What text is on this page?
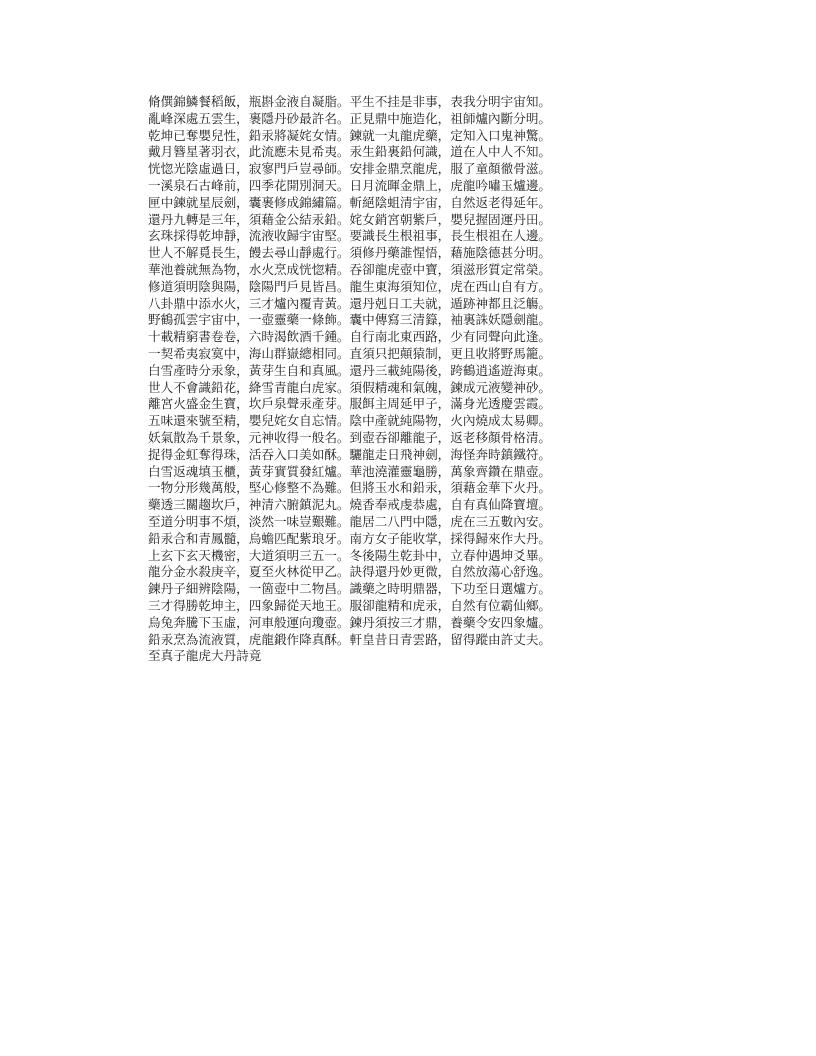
脩僎錦鱗餐稻飯，瓶斟金液自凝脂。平生不挂是非事，表我分明宇宙知。
亂峰深處五雲生，裹隱丹砂最許名。正見鼎中施造化，祖師爐內斷分明。
乾坤已奪嬰兒性，鉛汞將凝姹女情。鍊就一丸龍虎藥，定知入口鬼神驚。
戴月簪星著羽衣，此流應未見希夷。汞生鉛裏鉛何識，道在人中人不知。
恍惚光陰虛過日，寂寥門戶豈尋師。安排金鼎烹龍虎，服了童顏徹骨滋。
一溪泉石古峰前，四季花開別洞天。日月流暉金鼎上，虎龍吟嘯玉爐邊。
匣中鍊就星辰劍，囊裹修成錦繡篇。斬絕陰蛆清宇宙，自然返老得延年。
還丹九轉是三年，須藉金公結汞鉛。姹女銷宮朝紫戶，嬰兒握固運丹田。
玄珠採得乾坤靜，流液收歸宇宙堅。要識長生根祖事，長生根祖在人邊。
世人不解覓長生，饅去尋山靜處行。須修丹藥誰惺悟，藉施陰德甚分明。
華池養就無為物，水火烹成恍惚精。吞卻龍虎壺中寶，須滋形質定常榮。
修道須明陰與陽，陰陽門戶見皆昌。龍生東海須知位，虎在西山自有方。
八卦鼎中添水火，三才爐內覆青黃。還丹剋日工夫就，遁跡神都且泛觴。
野鶴孤雲宇宙中，一壺靈藥一條飾。囊中傳寫三清籙，袖裏誅妖隱劍龍。
十載精窮書卷卷，六時渴飲酒千鍾。自行南北東西路，少有同聲向此逢。
一契希夷寂寞中，海山群嶽總相同。直須只把顛猿制，更且收將野馬籠。
白雪產時分汞象，黃芽生自和真風。還丹三載純陽後，跨鶴逍遙遊海東。
世人不會識鉛花，絳雪青龍白虎家。須假精魂和氣魄，鍊成元液變神砂。
離宮火盛金生寶，坎戶泉聲汞產芽。服餌主周延甲子，滿身光透慶雲霞。
五味還來號至精，嬰兒姹女自忘情。陰中產就純陽物，火內燒成太易卿。
妖氣散為千景象，元神收得一般名。到壺吞卻離龍子，返老移顏骨格清。
捉得金虹奪得珠，活吞入口美如酥。驪龍走日飛神劍，海怪奔時鎮鐵符。
白雪返魂填玉櫃，黃芽實質發紅爐。華池澆灌靈龜勝，萬象齊鑽在鼎壺。
一物分形幾萬般，堅心修整不為難。但將玉水和鉛汞，須藉金華下火丹。
藥透三關趨坎戶，神清六腑鎮泥丸。燒香奉戒虔恭處，自有真仙降寶壇。
至道分明事不煩，淡然一味豈艱難。龍居二八門中隱，虎在三五數內安。
鉛汞合和青鳳髓，烏蟾匹配紫琅牙。南方女子能收掌，採得歸來作大丹。
上玄下玄天機密，大道須明三五一。冬後陽生乾卦中，立春仲遇坤爻畢。
龍分金水殺庚辛，夏至火林從甲乙。訣得還丹妙更微，自然放蕩心舒逸。
鍊丹子細辨陰陽，一箇壺中二物昌。識藥之時明鼎器，下功至日選爐方。
三才得勝乾坤主，四象歸從天地王。服卻龍精和虎汞，自然有位霸仙鄉。
烏兔奔騰下玉虛，河車般運向瓊壺。鍊丹須按三才鼎，養藥令安四象爐。
鉛汞烹為流液質，虎龍鍛作降真酥。軒皇昔日青雲路，留得蹤由許丈夫。
至真子龍虎大丹詩竟
